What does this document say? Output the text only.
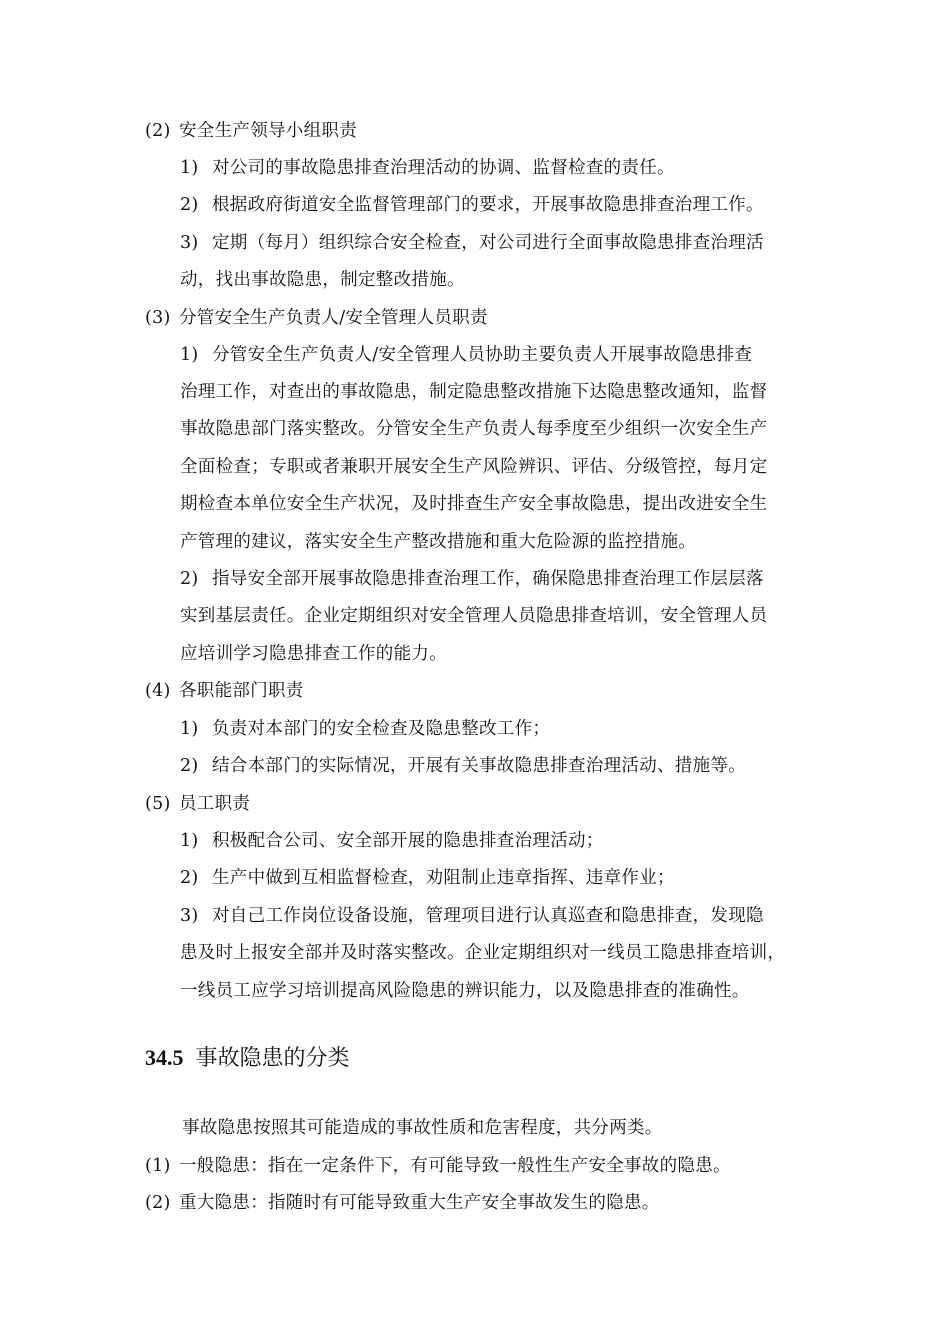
(2) 安全生产领导小组职责
1) 对公司的事故隐患排查治理活动的协调、监督检查的责任。
2) 根据政府街道安全监督管理部门的要求，开展事故隐患排查治理工作。
3) 定期（每月）组织综合安全检查，对公司进行全面事故隐患排查治理活
动，找出事故隐患，制定整改措施。
(3) 分管安全生产负责人/安全管理人员职责
1) 分管安全生产负责人/安全管理人员协助主要负责人开展事故隐患排查
治理工作，对查出的事故隐患，制定隐患整改措施下达隐患整改通知，监督
事故隐患部门落实整改。分管安全生产负责人每季度至少组织一次安全生产
全面检查；专职或者兼职开展安全生产风险辨识、评估、分级管控，每月定
期检查本单位安全生产状况，及时排查生产安全事故隐患，提出改进安全生
产管理的建议，落实安全生产整改措施和重大危险源的监控措施。
2) 指导安全部开展事故隐患排查治理工作，确保隐患排查治理工作层层落
实到基层责任。企业定期组织对安全管理人员隐患排查培训，安全管理人员
应培训学习隐患排查工作的能力。
(4) 各职能部门职责
1) 负责对本部门的安全检查及隐患整改工作；
2) 结合本部门的实际情况，开展有关事故隐患排查治理活动、措施等。
(5) 员工职责
1) 积极配合公司、安全部开展的隐患排查治理活动；
2) 生产中做到互相监督检查，劝阻制止违章指挥、违章作业；
3) 对自己工作岗位设备设施，管理项目进行认真巡查和隐患排查，发现隐
患及时上报安全部并及时落实整改。企业定期组织对一线员工隐患排查培训，
一线员工应学习培训提高风险隐患的辨识能力，以及隐患排查的准确性。
34.5 事故隐患的分类
事故隐患按照其可能造成的事故性质和危害程度，共分两类。
(1) 一般隐患：指在一定条件下，有可能导致一般性生产安全事故的隐患。
(2) 重大隐患：指随时有可能导致重大生产安全事故发生的隐患。
